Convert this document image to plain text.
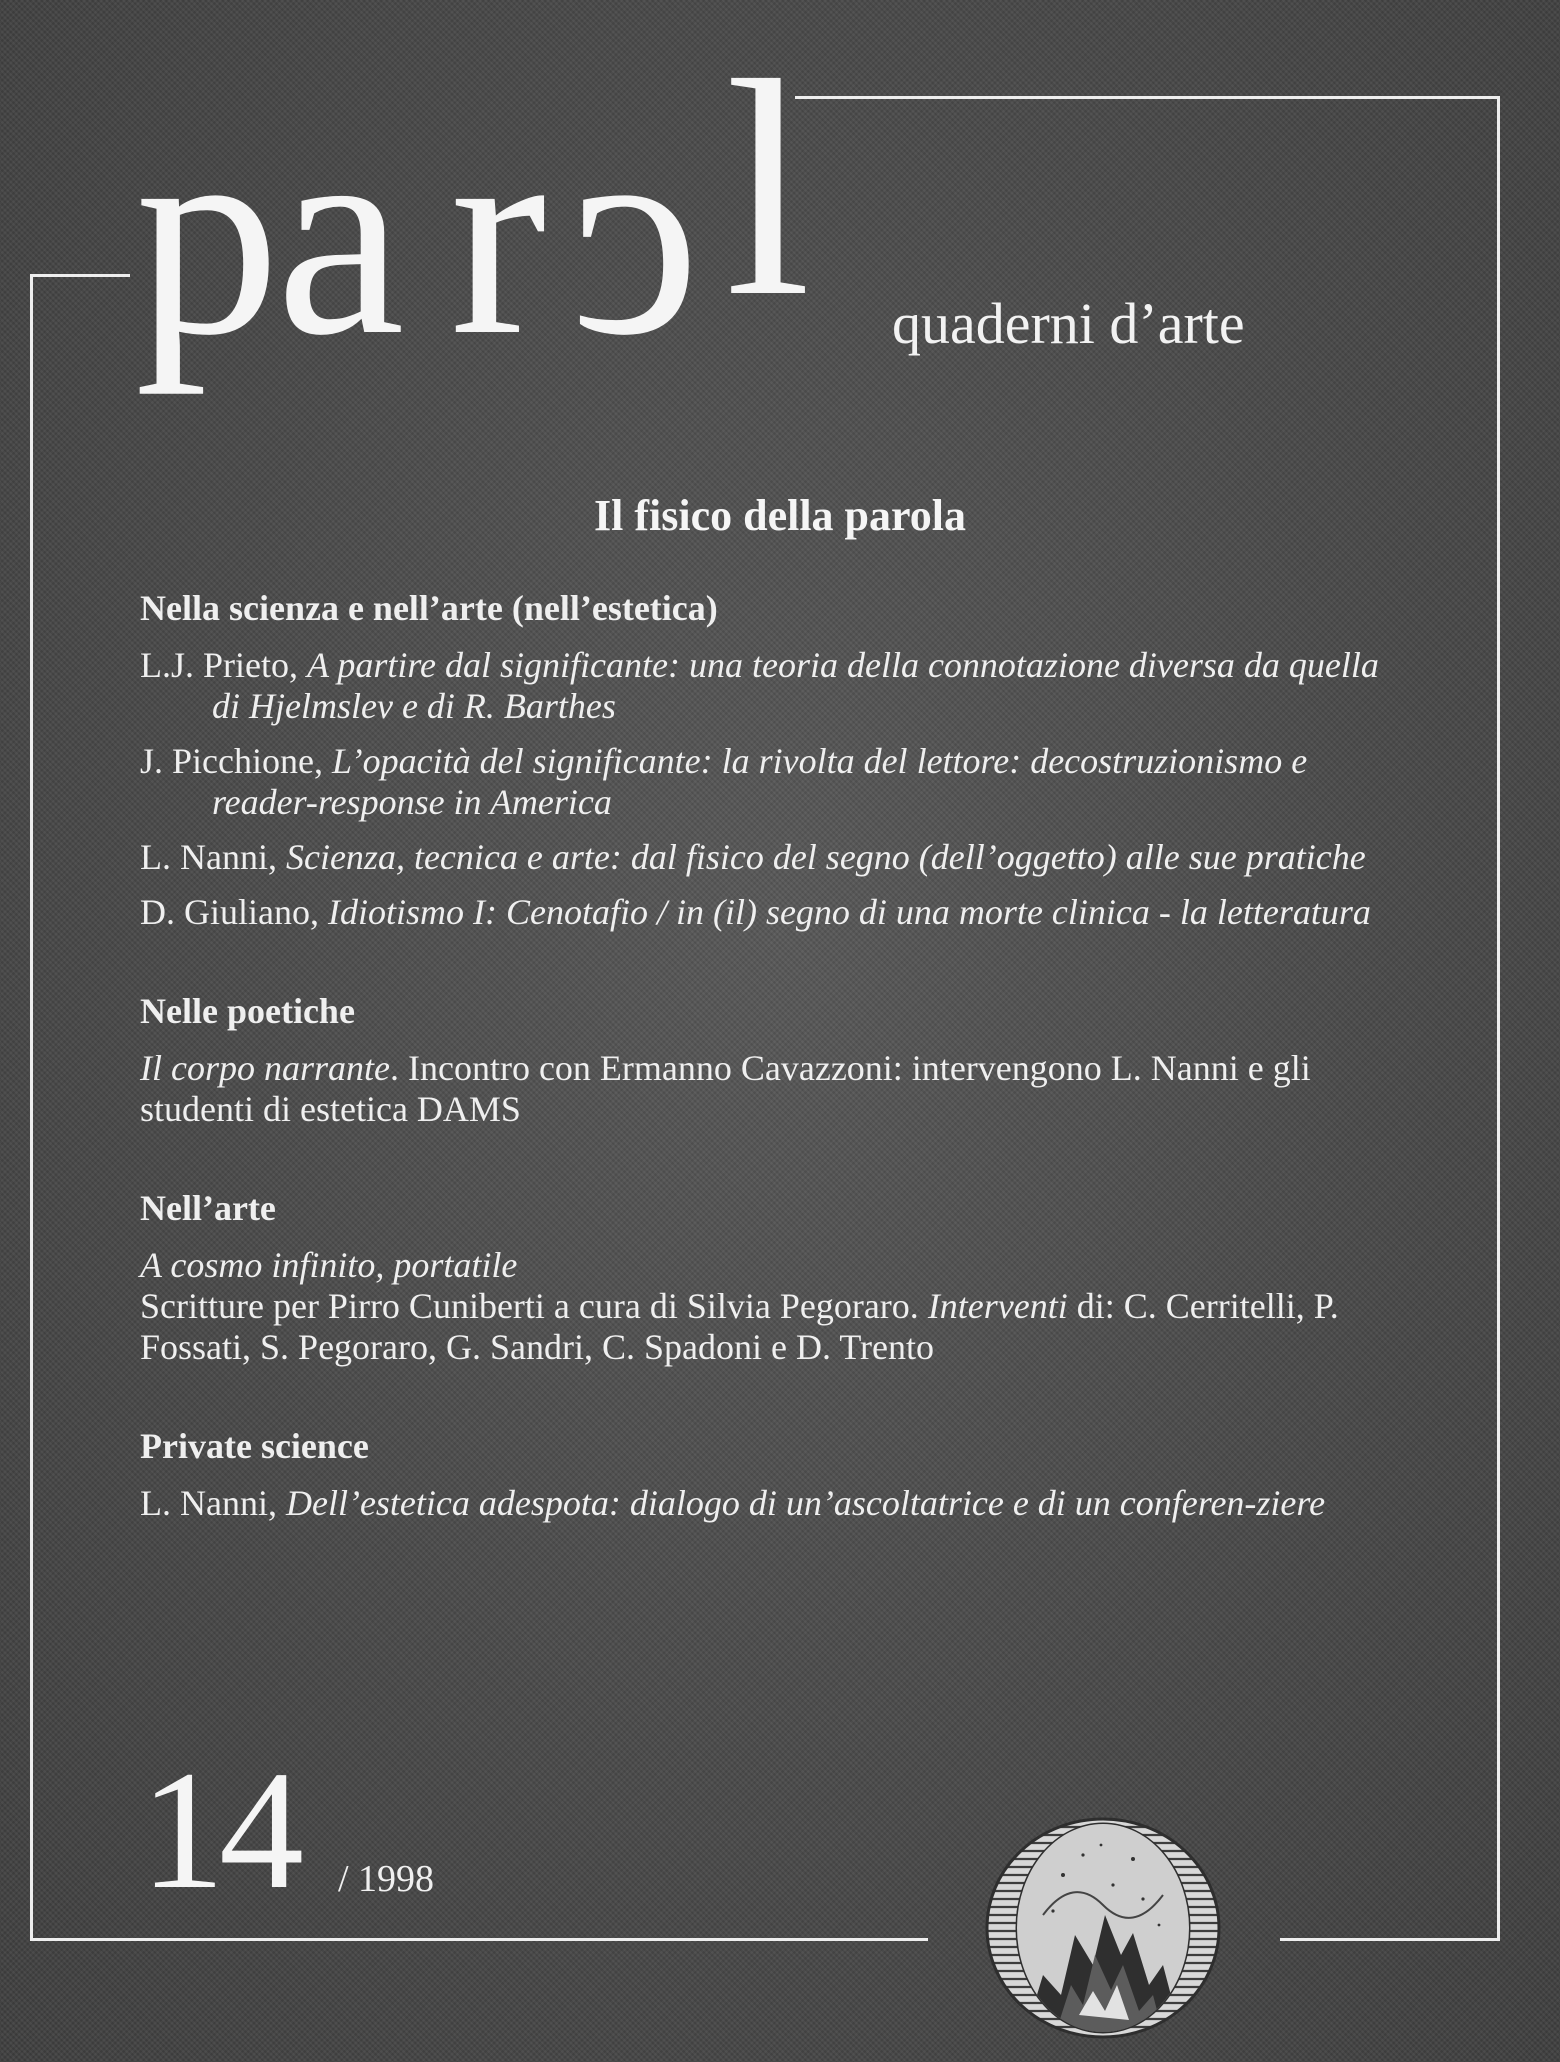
pa r c l quaderni d’arte
Il fisico della parola
Nella scienza e nell’arte (nell’estetica)
L.J. Prieto, A partire dal significante: una teoria della connotazione diversa da quella di Hjelmslev e di R. Barthes
J. Picchione, L’opacità del significante: la rivolta del lettore: decostruzionismo e reader-response in America
L. Nanni, Scienza, tecnica e arte: dal fisico del segno (dell’oggetto) alle sue pratiche
D. Giuliano, Idiotismo I: Cenotafio / in (il) segno di una morte clinica - la letteratura
Nelle poetiche

Il corpo narrante. Incontro con Ermanno Cavazzoni: intervengono L. Nanni e gli studenti di estetica DAMS

Nell’arte

A cosmo infinito, portatile

Scritture per Pirro Cuniberti a cura di Silvia Pegoraro. Interventi di: C. Cerritelli, P. Fossati, S. Pegoraro, G. Sandri, C. Spadoni e D. Trento

Private science
L. Nanni, Dell’estetica adespota: dialogo di un’ascoltatrice e di un conferen-ziere
14 / 1998
